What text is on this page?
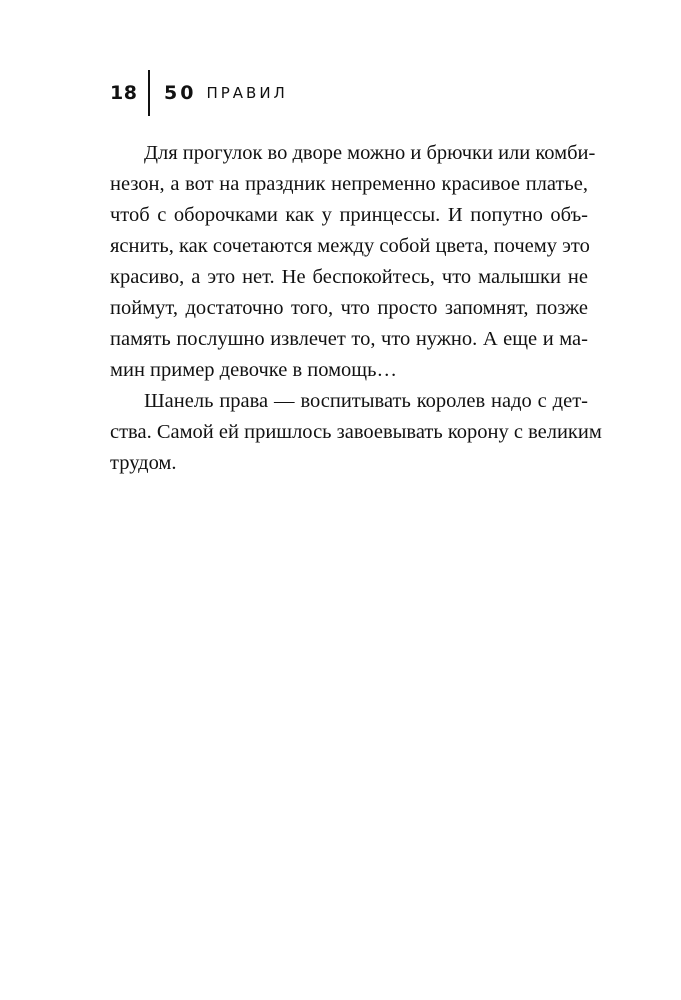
18	50 ПРАВИЛ
Для прогулок во дворе можно и брючки или комби-
незон, а вот на праздник непременно красивое платье,
чтоб с оборочками как у принцессы. И попутно объ-
яснить, как сочетаются между собой цвета, почему это
красиво, а это нет. Не беспокойтесь, что малышки не
поймут, достаточно того, что просто запомнят, позже
память послушно извлечет то, что нужно. А еще и ма-
мин пример девочке в помощь…
Шанель права — воспитывать королев надо с дет-
ства. Самой ей пришлось завоевывать корону с великим
трудом.
